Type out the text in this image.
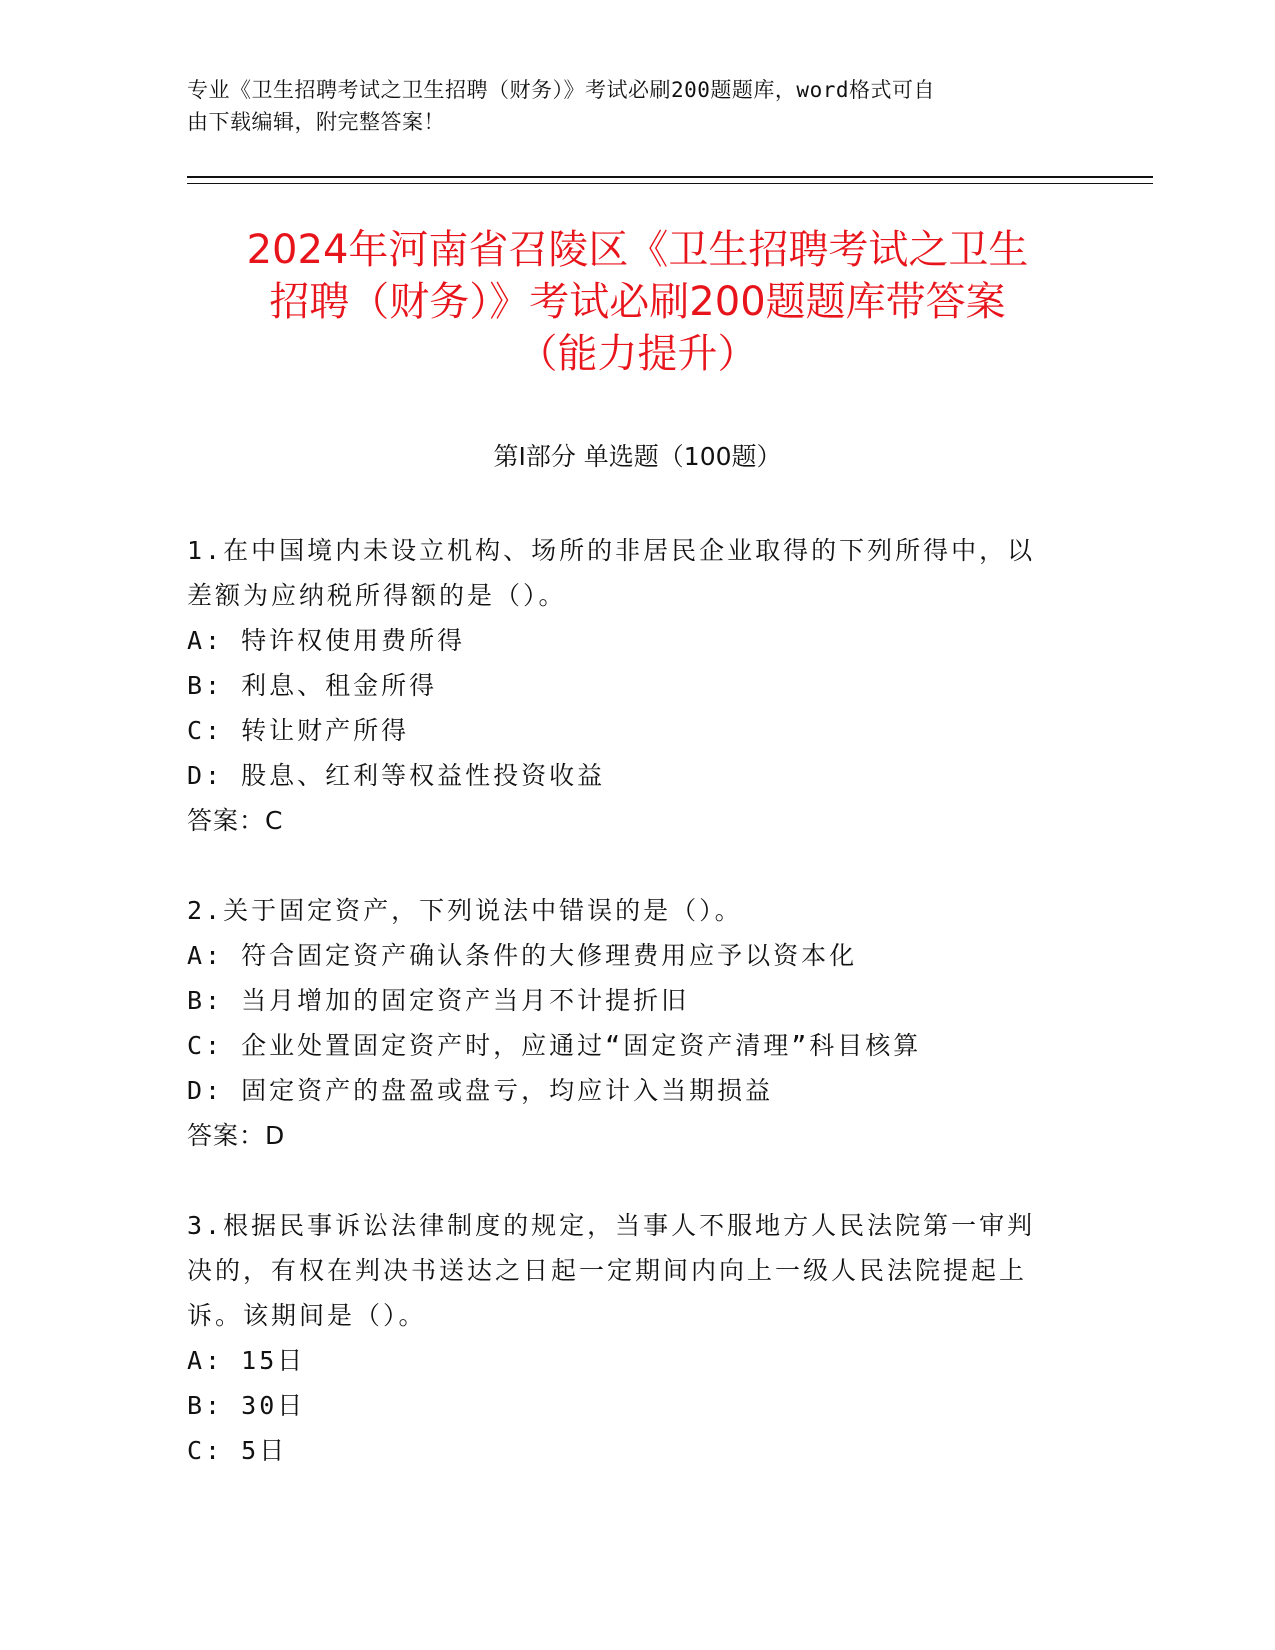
专业《卫生招聘考试之卫生招聘（财务）》考试必刷200题题库，word格式可自
由下载编辑，附完整答案！
2024年河南省召陵区《卫生招聘考试之卫生
招聘（财务）》考试必刷200题题库带答案
（能力提升）
第Ⅰ部分 单选题（100题）

1.在中国境内未设立机构、场所的非居民企业取得的下列所得中，以

差额为应纳税所得额的是（）。

A: 特许权使用费所得

B: 利息、租金所得

C: 转让财产所得

D: 股息、红利等权益性投资收益

答案：C

2.关于固定资产，下列说法中错误的是（）。

A: 符合固定资产确认条件的大修理费用应予以资本化

B: 当月增加的固定资产当月不计提折旧

C: 企业处置固定资产时，应通过“固定资产清理”科目核算

D: 固定资产的盘盈或盘亏，均应计入当期损益

答案：D

3.根据民事诉讼法律制度的规定，当事人不服地方人民法院第一审判

决的，有权在判决书送达之日起一定期间内向上一级人民法院提起上

诉。该期间是（）。

A: 15日

B: 30日

C: 5日
